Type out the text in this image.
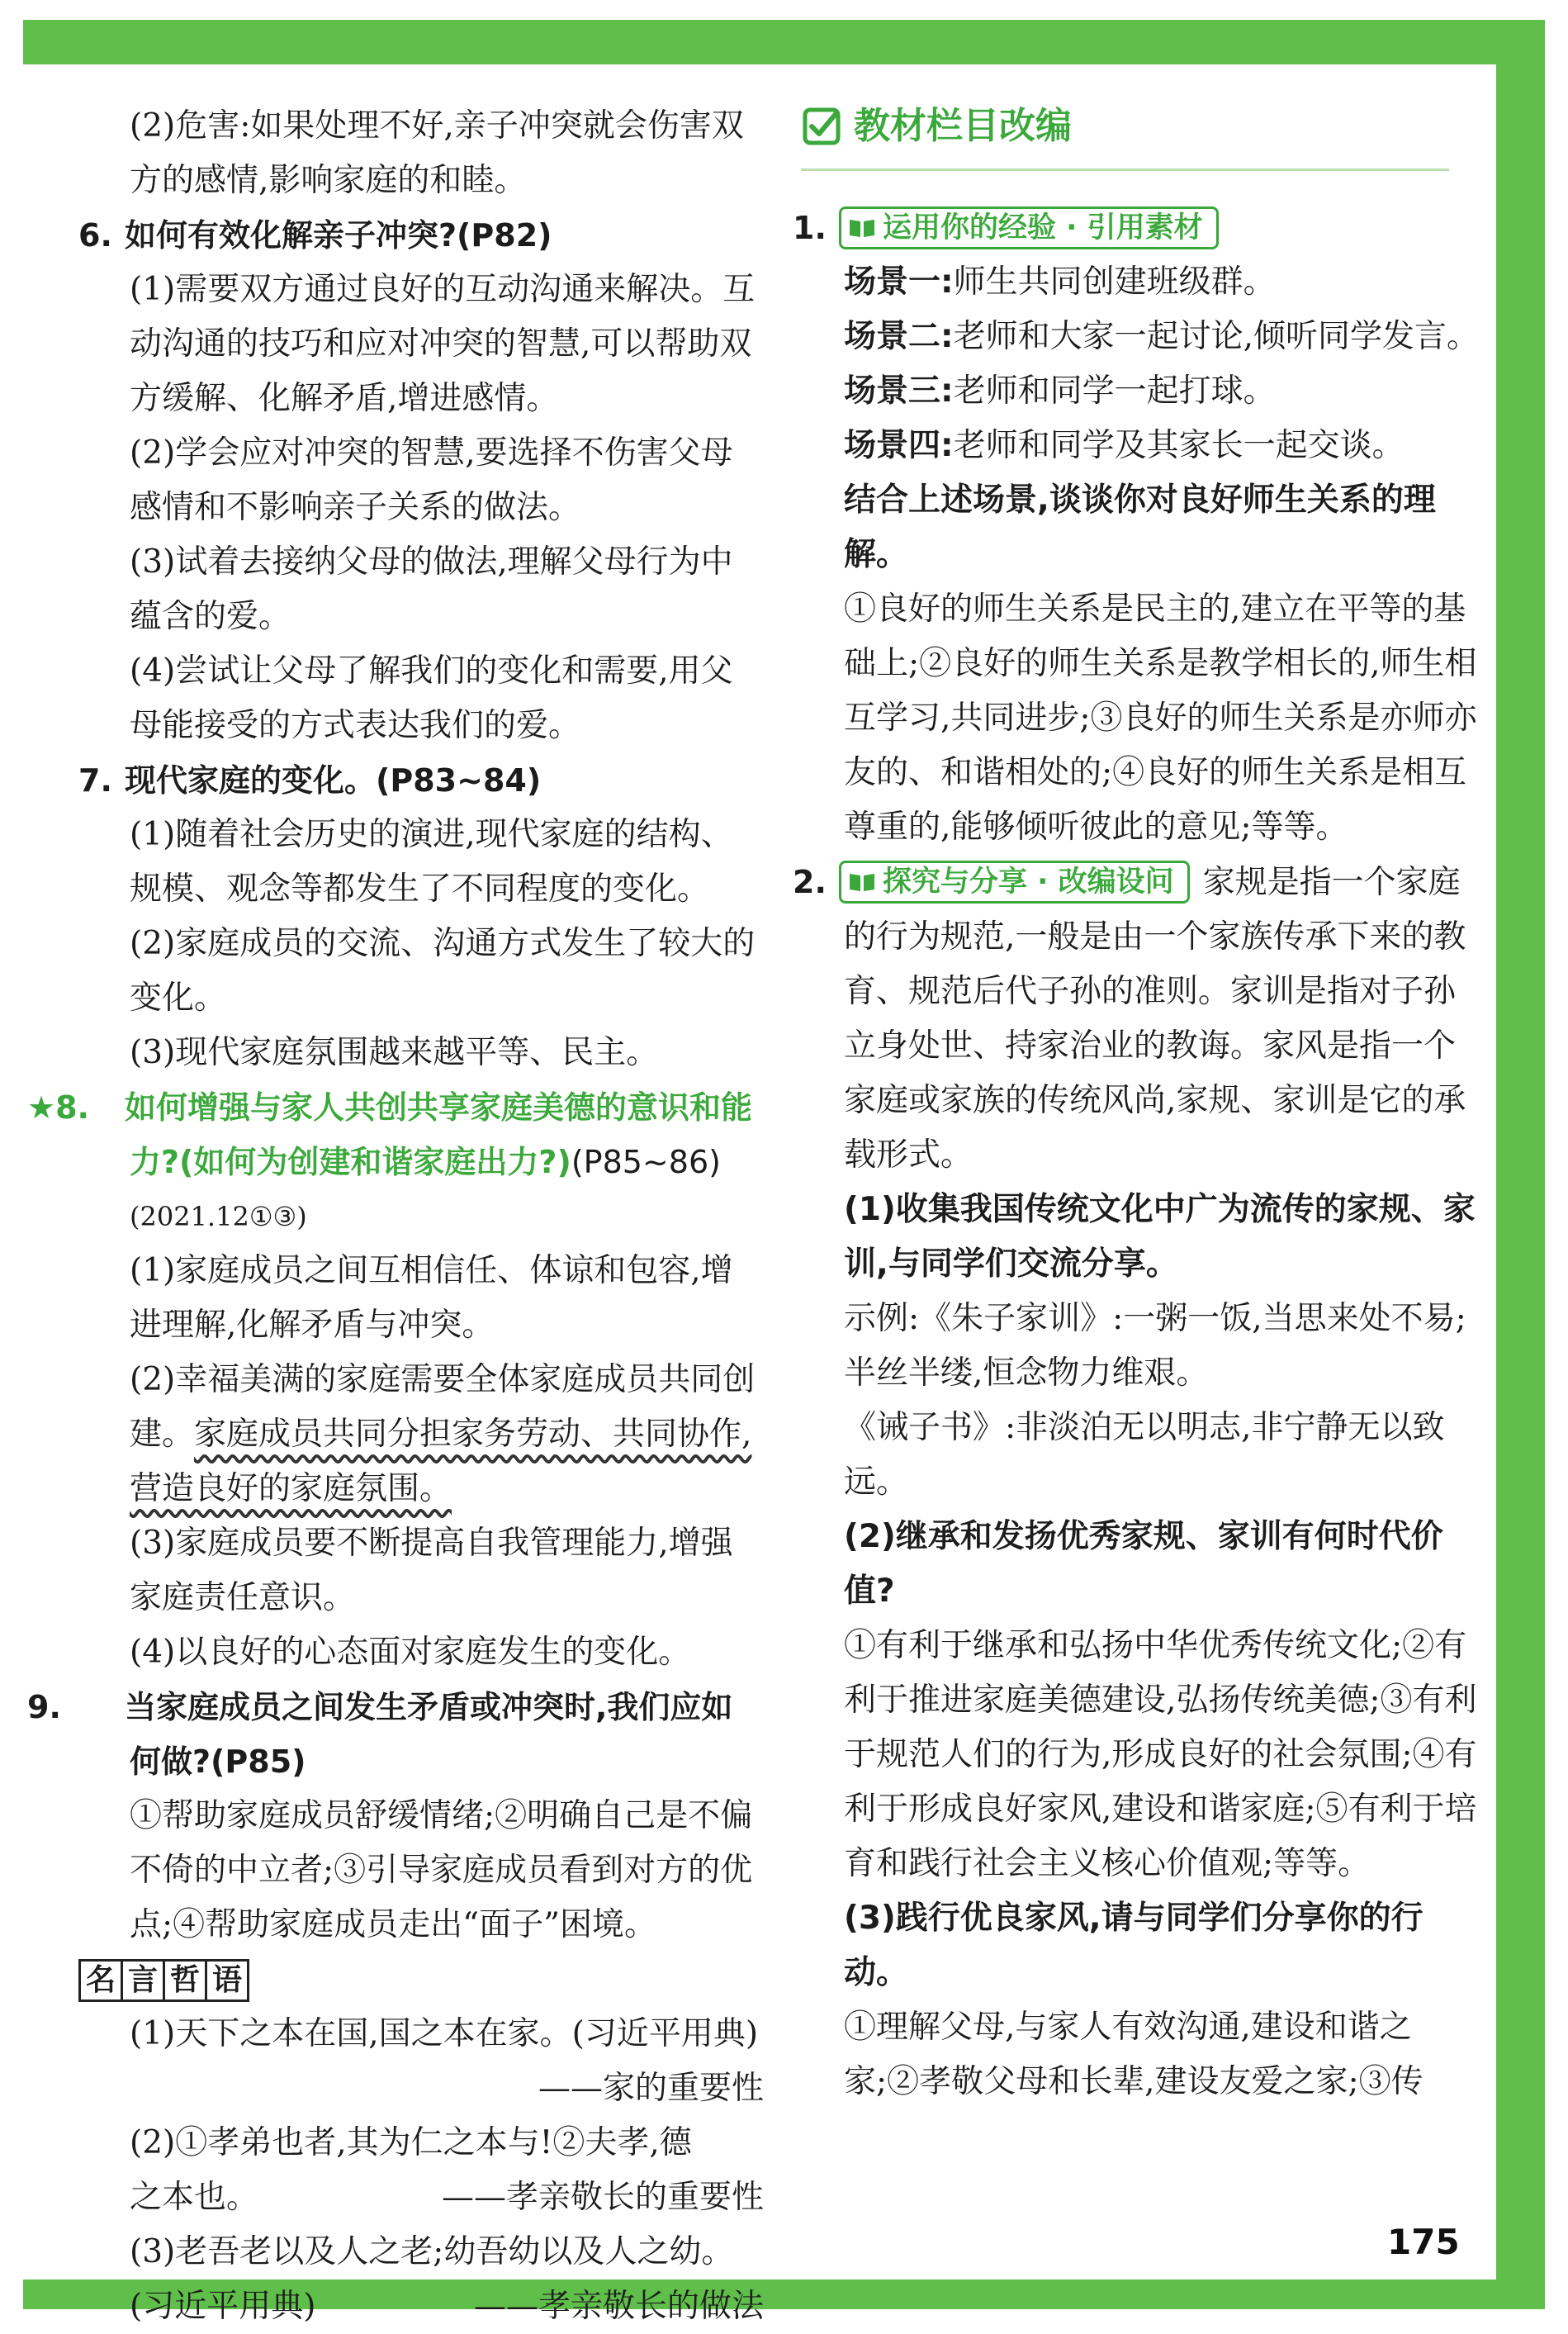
(2)危害:如果处理不好,亲子冲突就会伤害双方的感情,影响家庭的和睦。
6. 如何有效化解亲子冲突?(P82)
(1)需要双方通过良好的互动沟通来解决。互动沟通的技巧和应对冲突的智慧,可以帮助双方缓解、化解矛盾,增进感情。
(2)学会应对冲突的智慧,要选择不伤害父母感情和不影响亲子关系的做法。
(3)试着去接纳父母的做法,理解父母行为中蕴含的爱。
(4)尝试让父母了解我们的变化和需要,用父母能接受的方式表达我们的爱。
7. 现代家庭的变化。(P83~84)
(1)随着社会历史的演进,现代家庭的结构、规模、观念等都发生了不同程度的变化。
(2)家庭成员的交流、沟通方式发生了较大的变化。
(3)现代家庭氛围越来越平等、民主。
★8. 如何增强与家人共创共享家庭美德的意识和能力?(如何为创建和谐家庭出力?)(P85~86)
(2021.12①③)
(1)家庭成员之间互相信任、体谅和包容,增进理解,化解矛盾与冲突。
(2)幸福美满的家庭需要全体家庭成员共同创建。家庭成员共同分担家务劳动、共同协作,营造良好的家庭氛围。
(3)家庭成员要不断提高自我管理能力,增强家庭责任意识。
(4)以良好的心态面对家庭发生的变化。
9. 当家庭成员之间发生矛盾或冲突时,我们应如何做?(P85)
①帮助家庭成员舒缓情绪;②明确自己是不偏不倚的中立者;③引导家庭成员看到对方的优点;④帮助家庭成员走出“面子”困境。
名 言 哲 语
(1)天下之本在国,国之本在家。(习近平用典)
——家的重要性
(2)①孝弟也者,其为仁之本与!②夫孝,德
之本也。	——孝亲敬长的重要性
(3)老吾老以及人之老;幼吾幼以及人之幼。
(习近平用典)	——孝亲敬长的做法
教材栏目改编
1. 运用你的经验 · 引用素材
场景一:师生共同创建班级群。
场景二:老师和大家一起讨论,倾听同学发言。
场景三:老师和同学一起打球。
场景四:老师和同学及其家长一起交谈。
结合上述场景,谈谈你对良好师生关系的理解。
①良好的师生关系是民主的,建立在平等的基础上;②良好的师生关系是教学相长的,师生相互学习,共同进步;③良好的师生关系是亦师亦友的、和谐相处的;④良好的师生关系是相互尊重的,能够倾听彼此的意见;等等。
2. 探究与分享 · 改编设问 家规是指一个家庭的行为规范,一般是由一个家族传承下来的教育、规范后代子孙的准则。家训是指对子孙立身处世、持家治业的教诲。家风是指一个家庭或家族的传统风尚,家规、家训是它的承载形式。
(1)收集我国传统文化中广为流传的家规、家训,与同学们交流分享。
示例:《朱子家训》:一粥一饭,当思来处不易;半丝半缕,恒念物力维艰。
《诫子书》:非淡泊无以明志,非宁静无以致远。
(2)继承和发扬优秀家规、家训有何时代价值?
①有利于继承和弘扬中华优秀传统文化;②有利于推进家庭美德建设,弘扬传统美德;③有利于规范人们的行为,形成良好的社会氛围;④有利于形成良好家风,建设和谐家庭;⑤有利于培育和践行社会主义核心价值观;等等。
(3)践行优良家风,请与同学们分享你的行动。
①理解父母,与家人有效沟通,建设和谐之家;②孝敬父母和长辈,建设友爱之家;③传
175
